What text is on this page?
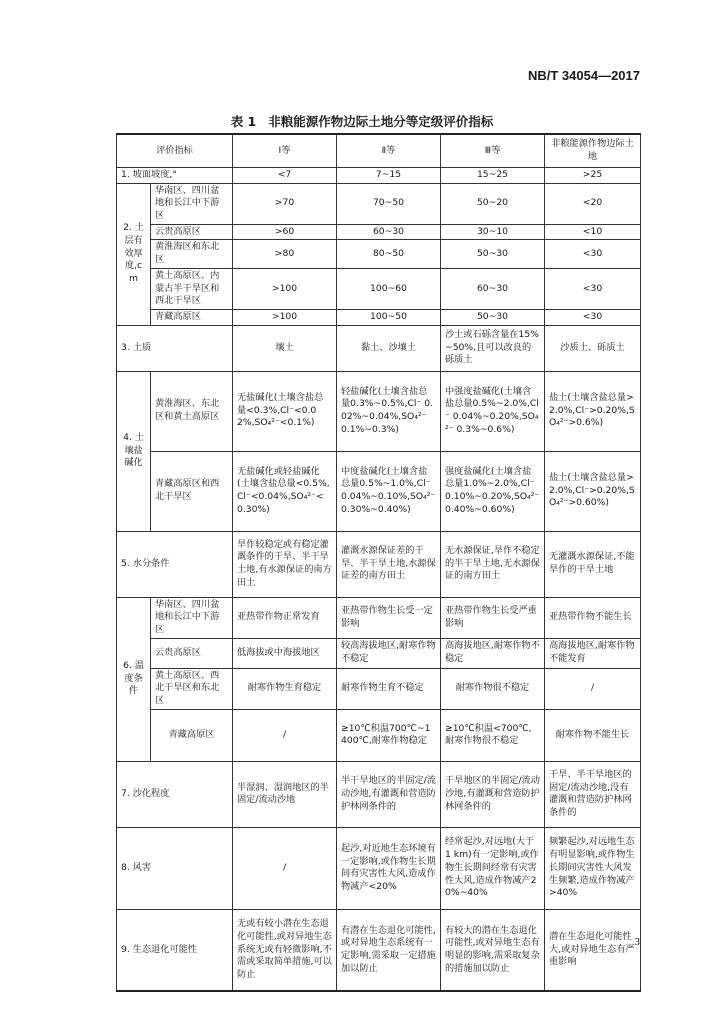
NB/T 34054—2017
表 1 非粮能源作物边际土地分等定级评价指标
评价指标		Ⅰ等	Ⅱ等	Ⅲ等	非粮能源作物边际土地
1. 坡面坡度,°		<7	7~15	15~25	>25
2. 土层有效厚度,cm	华南区、四川盆地和长江中下游区	>70	70~50	50~20	<20
	云贵高原区	>60	60~30	30~10	<10
	黄淮海区和东北区	>80	80~50	50~30	<30
	黄土高原区、内蒙古半干旱区和西北干旱区	>100	100~60	60~30	<30
	青藏高原区	>100	100~50	50~30	<30
3. 土质		壤土	黏土、沙壤土	沙土或石砾含量在15%~50%,且可以改良的砾质土	沙质土、砾质土
4. 土壤盐碱化	黄淮海区、东北区和黄土高原区	无盐碱化(土壤含盐总量<0.3%,Cl⁻<0.02%,SO₄²⁻<0.1%)	轻盐碱化(土壤含盐总量0.3%~0.5%,Cl⁻ 0.02%~0.04%,SO₄²⁻ 0.1%~0.3%)	中强度盐碱化(土壤含盐总量0.5%~2.0%,Cl⁻ 0.04%~0.20%,SO₄²⁻ 0.3%~0.6%)	盐土(土壤含盐总量>2.0%,Cl⁻>0.20%,SO₄²⁻>0.6%)
	青藏高原区和西北干旱区	无盐碱化或轻盐碱化(土壤含盐总量<0.5%,Cl⁻<0.04%,SO₄²⁻<0.30%)	中度盐碱化(土壤含盐总量0.5%~1.0%,Cl⁻ 0.04%~0.10%,SO₄²⁻ 0.30%~0.40%)	强度盐碱化(土壤含盐总量1.0%~2.0%,Cl⁻ 0.10%~0.20%,SO₄²⁻ 0.40%~0.60%)	盐土(土壤含盐总量>2.0%,Cl⁻>0.20%,SO₄²⁻>0.60%)
5. 水分条件		旱作较稳定或有稳定灌溉条件的干旱、半干旱土地,有水源保证的南方田土	灌溉水源保证差的干旱、半干旱土地,水源保证差的南方田土	无水源保证,旱作不稳定的半干旱土地,无水源保证的南方田土	无灌溉水源保证,不能旱作的干旱土地
6. 温度条件	华南区、四川盆地和长江中下游区	亚热带作物正常发育	亚热带作物生长受一定影响	亚热带作物生长受严重影响	亚热带作物不能生长
	云贵高原区	低海拔或中海拔地区	较高海拔地区,耐寒作物不稳定	高海拔地区,耐寒作物不稳定	高海拔地区,耐寒作物不能发育
	黄土高原区、西北干旱区和东北区	耐寒作物生育稳定	耐寒作物生育不稳定	耐寒作物很不稳定	/
	青藏高原区	/	≥10℃积温700℃~1 400℃,耐寒作物稳定	≥10℃积温<700℃,耐寒作物很不稳定	耐寒作物不能生长
7. 沙化程度		半湿润、湿润地区的半固定/流动沙地	半干旱地区的半固定/流动沙地,有灌溉和营造防护林网条件的	干旱地区的半固定/流动沙地,有灌溉和营造防护林网条件的	干旱、半干旱地区的固定/流动沙地,没有灌溉和营造防护林网条件的
8. 风害		/	起沙,对近地生态环境有一定影响,或作物生长期间有灾害性大风,造成作物减产<20%	经常起沙,对远地(大于1 km)有一定影响,或作物生长期间经常有灾害性大风,造成作物减产20%~40%	频繁起沙,对远地生态有明显影响,或作物生长期间灾害性大风发生频繁,造成作物减产>40%
9. 生态退化可能性		无或有较小潜在生态退化可能性,或对异地生态系统无或有轻微影响,不需或采取简单措施,可以防止	有潜在生态退化可能性,或对异地生态系统有一定影响,需采取一定措施加以防止	有较大的潜在生态退化可能性,或对异地生态有明显的影响,需采取复杂的措施加以防止	潜在生态退化可能性大,或对异地生态有严重影响
3
